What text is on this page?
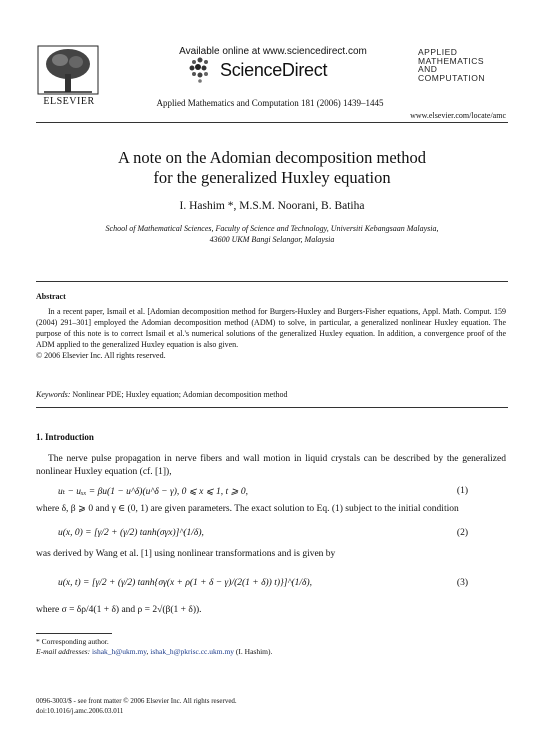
ELSEVIER
Available online at www.sciencedirect.com
ScienceDirect
Applied Mathematics and Computation 181 (2006) 1439–1445
APPLIED
MATHEMATICS
AND
COMPUTATION
www.elsevier.com/locate/amc
A note on the Adomian decomposition method
for the generalized Huxley equation
I. Hashim *, M.S.M. Noorani, B. Batiha
School of Mathematical Sciences, Faculty of Science and Technology, Universiti Kebangsaan Malaysia,
43600 UKM Bangi Selangor, Malaysia
Abstract
In a recent paper, Ismail et al. [Adomian decomposition method for Burgers-Huxley and Burgers-Fisher equations, Appl. Math. Comput. 159 (2004) 291–301] employed the Adomian decomposition method (ADM) to solve, in particular, a generalized nonlinear Huxley equation. The purpose of this note is to correct Ismail et al.'s numerical solutions of the generalized Huxley equation. In addition, a convergence proof of the ADM applied to the generalized Huxley equation is also given.
© 2006 Elsevier Inc. All rights reserved.
Keywords: Nonlinear PDE; Huxley equation; Adomian decomposition method
1. Introduction
The nerve pulse propagation in nerve fibers and wall motion in liquid crystals can be described by the generalized nonlinear Huxley equation (cf. [1]),
uₜ − uₓₓ = βu(1 − u^δ)(u^δ − γ), 0 ⩽ x ⩽ 1, t ⩾ 0,	(1)
where δ, β ⩾ 0 and γ ∈ (0, 1) are given parameters. The exact solution to Eq. (1) subject to the initial condition
u(x, 0) = [γ/2 + (γ/2) tanh(σγx)]^(1/δ),	(2)
was derived by Wang et al. [1] using nonlinear transformations and is given by
u(x, t) = [γ/2 + (γ/2) tanh{σγ(x + ρ(1 + δ − γ)/(2(1 + δ)) t)}]^(1/δ),	(3)
where σ = δρ/4(1 + δ) and ρ = 2√(β(1 + δ)).
* Corresponding author.
E-mail addresses: ishak_h@ukm.my, ishak_h@pkrisc.cc.ukm.my (I. Hashim).
0096-3003/$ - see front matter © 2006 Elsevier Inc. All rights reserved.
doi:10.1016/j.amc.2006.03.011
